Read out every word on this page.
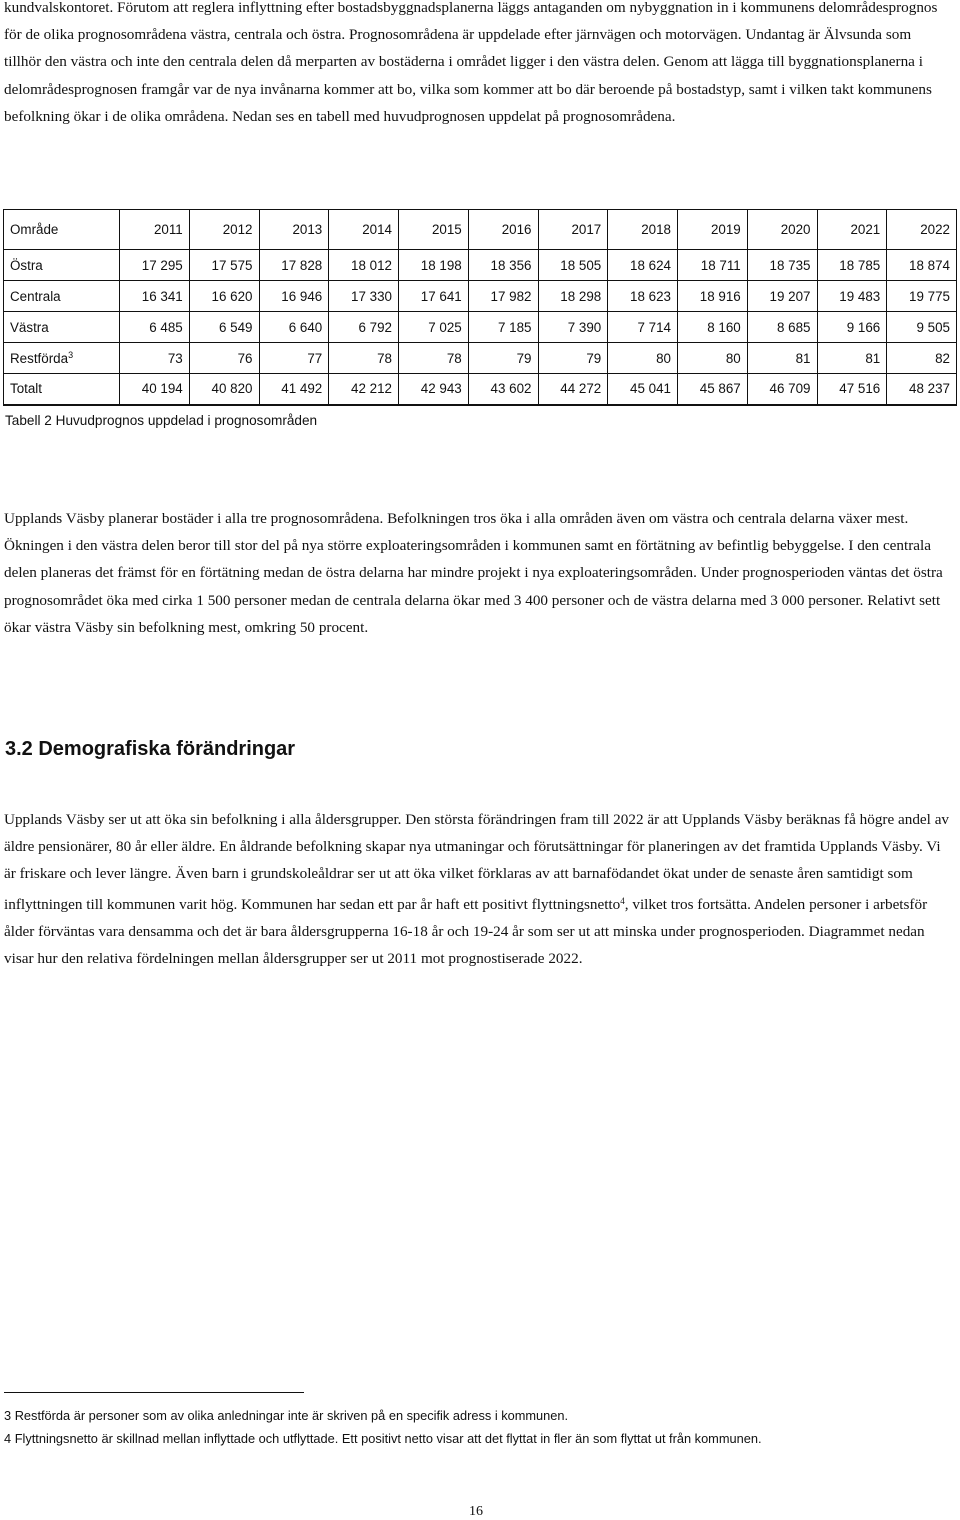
kundvalskontoret. Förutom att reglera inflyttning efter bostadsbyggnadsplanerna läggs antaganden om nybyggnation in i kommunens delområdesprognos för de olika prognosområdena västra, centrala och östra. Prognosområdena är uppdelade efter järnvägen och motorvägen. Undantag är Älvsunda som tillhör den västra och inte den centrala delen då merparten av bostäderna i området ligger i den västra delen. Genom att lägga till byggnationsplanerna i delområdesprognosen framgår var de nya invånarna kommer att bo, vilka som kommer att bo där beroende på bostadstyp, samt i vilken takt kommunens befolkning ökar i de olika områdena. Nedan ses en tabell med huvudprognosen uppdelat på prognosområdena.

Område	2011	2012	2013	2014	2015	2016	2017	2018	2019	2020	2021	2022
Östra	17 295	17 575	17 828	18 012	18 198	18 356	18 505	18 624	18 711	18 735	18 785	18 874
Centrala	16 341	16 620	16 946	17 330	17 641	17 982	18 298	18 623	18 916	19 207	19 483	19 775
Västra	6 485	6 549	6 640	6 792	7 025	7 185	7 390	7 714	8 160	8 685	9 166	9 505
Restförda$^3$	73	76	77	78	78	79	79	80	80	81	81	82
Totalt	40 194	40 820	41 492	42 212	42 943	43 602	44 272	45 041	45 867	46 709	47 516	48 237
Tabell 2 Huvudprognos uppdelad i prognosområden

Upplands Väsby planerar bostäder i alla tre prognosområdena. Befolkningen tros öka i alla områden även om västra och centrala delarna växer mest. Ökningen i den västra delen beror till stor del på nya större exploateringsområden i kommunen samt en förtätning av befintlig bebyggelse. I den centrala delen planeras det främst för en förtätning medan de östra delarna har mindre projekt i nya exploateringsområden. Under prognosperioden väntas det östra prognosområdet öka med cirka 1 500 personer medan de centrala delarna ökar med 3 400 personer och de västra delarna med 3 000 personer. Relativt sett ökar västra Väsby sin befolkning mest, omkring 50 procent.

3.2 Demografiska förändringar

Upplands Väsby ser ut att öka sin befolkning i alla åldersgrupper. Den största förändringen fram till 2022 är att Upplands Väsby beräknas få högre andel av äldre pensionärer, 80 år eller äldre. En åldrande befolkning skapar nya utmaningar och förutsättningar för planeringen av det framtida Upplands Väsby. Vi är friskare och lever längre. Även barn i grundskoleåldrar ser ut att öka vilket förklaras av att barnafödandet ökat under de senaste åren samtidigt som inflyttningen till kommunen varit hög. Kommunen har sedan ett par år haft ett positivt flyttningsnetto$^4$, vilket tros fortsätta. Andelen personer i arbetsför ålder förväntas vara densamma och det är bara åldersgrupperna 16-18 år och 19-24 år som ser ut att minska under prognosperioden. Diagrammet nedan visar hur den relativa fördelningen mellan åldersgrupper ser ut 2011 mot prognostiserade 2022.

3 Restförda är personer som av olika anledningar inte är skriven på en specifik adress i kommunen.
4 Flyttningsnetto är skillnad mellan inflyttade och utflyttade. Ett positivt netto visar att det flyttat in fler än som flyttat ut från kommunen.
16
